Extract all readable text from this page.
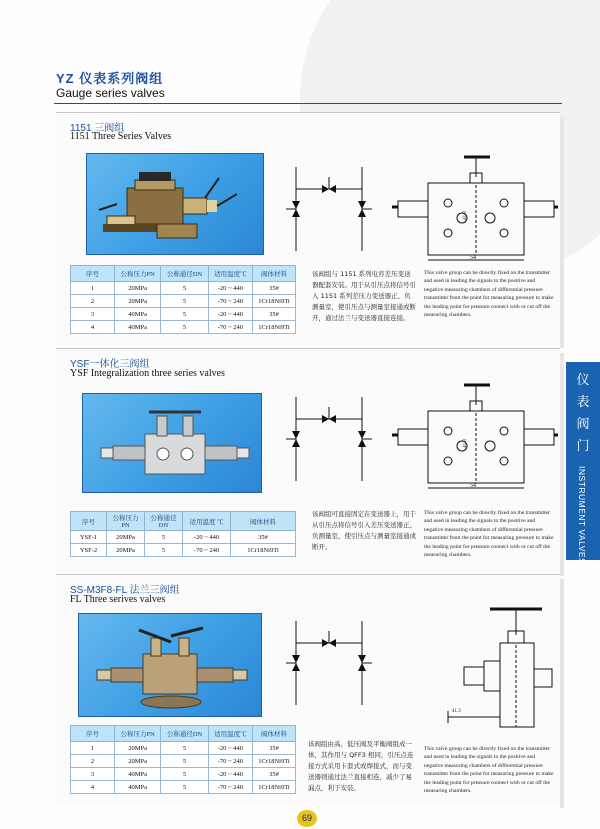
YZ 仪表系列阀组
Gauge series valves
1151 三阀组
1151 Three Series Valves
41.3
54
序号	公称压力PN	公称通径DN	适用温度℃	阀体材料
1	20MPa	5	-20 ~ 440	35#
2	20MPa	5	-70 ~ 240	1Cr18Ni9Ti
3	40MPa	5	-20 ~ 440	35#
4	40MPa	5	-70 ~ 240	1Cr18Ni9Ti
该阀组与 1151 系列电容差压变送器配套安装。用于从引压点将信号引入 1151 系列差压力变送器正、负测量室，使引压点与测量室接通或断开，通过法兰与变送器直接连接。
This valve group can be directly fixed on the transmitter and used in leading the signals to the positive and negative measuring chambers of differential pressure transmitter from the point for measuring pressure to make the leading point for pressure connect with or cut off the measuring chambers.
YSF一体化三阀组
YSF Integralization three series valves
41.3
54
序号	公称压力 PN	公称通径 DN	适用温度 ℃	阀体材料
YSF-1	20MPa	5	-20 ~ 440	35#
YSF-2	20MPa	5	-70 ~ 240	1Cr18Ni9Ti
该阀组可直接固定在变送器上，用于从引压点将信号引入差压变送器正、负测量室，使引压点与测量室接通或断开。
This valve group can be directly fixed on the transmitter and used in leading the signals to the positive and negative measuring chambers of differential pressure transmitter from the point for measuring pressure to make the leading point for pressure connect with or cut off the measuring chambers.
SS-M3F8-FL 法兰三阀组
FL Three serives valves
41.3
序号	公称压力PN	公称通径DN	适用温度℃	阀体材料
1	20MPa	5	-20 ~ 440	35#
2	20MPa	5	-70 ~ 240	1Cr18Ni9Ti
3	40MPa	5	-20 ~ 440	35#
4	40MPa	5	-70 ~ 240	1Cr18Ni9Ti
该阀组由高、低压阀及平衡阀组成一体，其作用与 QFF3 相同，引压点连接方式采用卡套式或焊接式，而与变送器则通过法兰直接相连，减少了易漏点，利于安装。
This valve group can be directly fixed on the transmitter and used in leading the signals to the positive and negative measuring chambers of differential pressure transmitter from the point for measuring pressure to make the leading point for pressure connect with or cut off the measuring chambers.
仪
表
阀
门
INSTRUMENT VALVES
69
